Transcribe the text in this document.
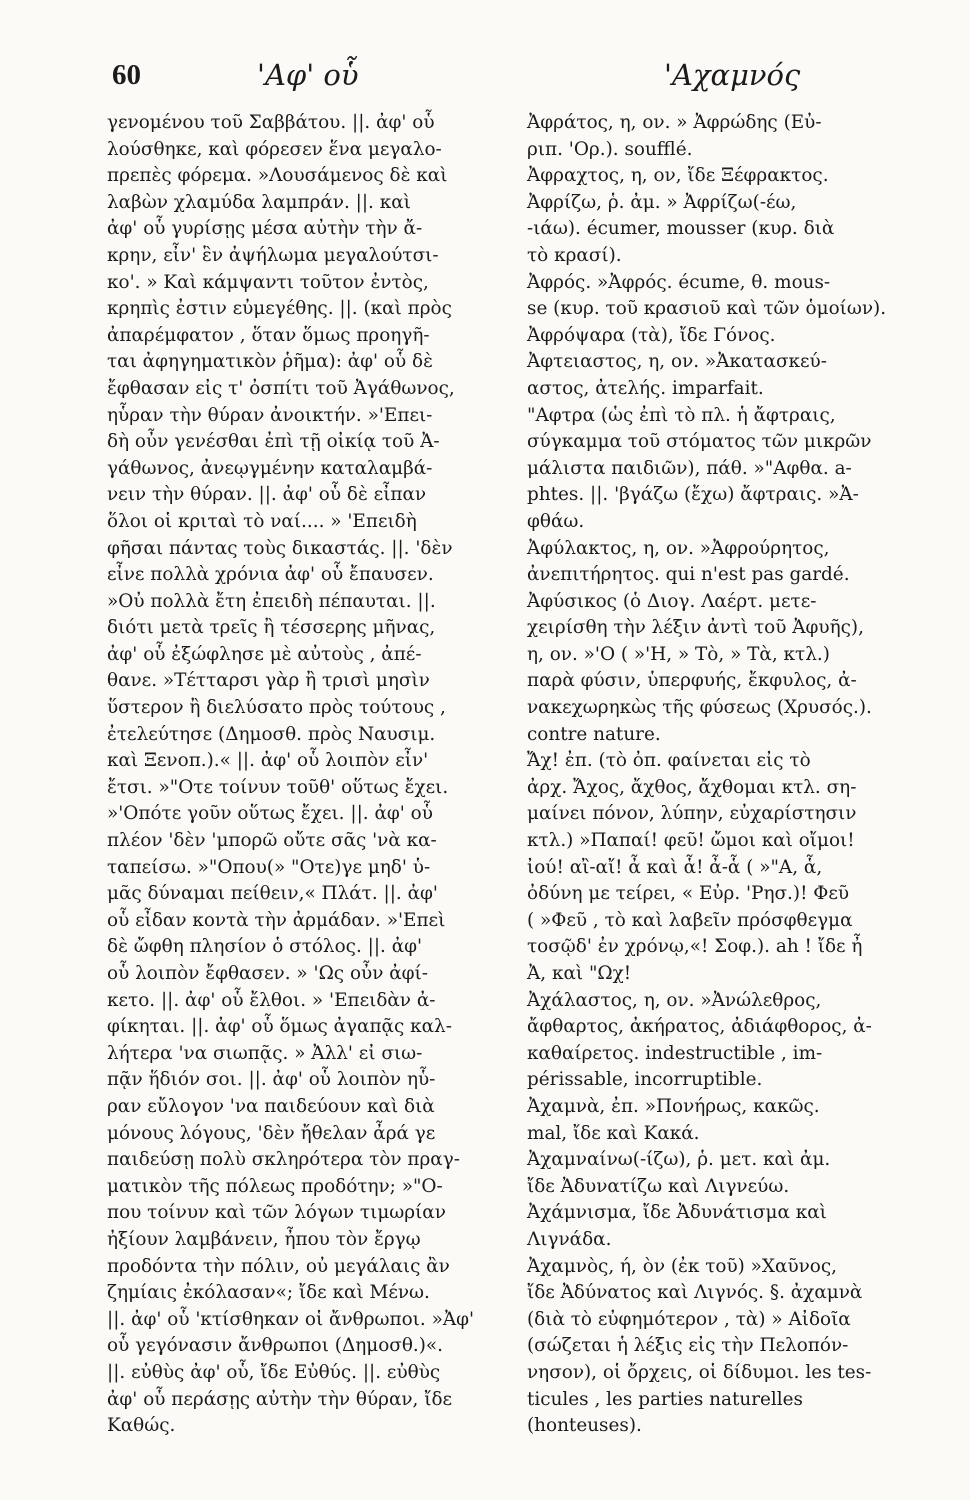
60	'Αφ' οὗ	'Αχαμνός
γενομένου τοῦ Σαββάτου. ||. ἀφ' οὗ
λούσθηκε, καὶ φόρεσεν ἕνα μεγαλο-
πρεπὲς φόρεμα. »Λουσάμενος δὲ καὶ
λαβὼν χλαμύδα λαμπράν. ||. καὶ
ἀφ' οὗ γυρίσῃς μέσα αὐτὴν τὴν ἄ-
κρην, εἶν' ἓν ἀψήλωμα μεγαλούτσι-
κο'. » Καὶ κάμψαντι τοῦτον ἐντὸς,
κρηπὶς ἐστιν εὐμεγέθης. ||. (καὶ πρὸς
ἀπαρέμφατον , ὅταν ὅμως προηγῆ-
ται ἀφηγηματικὸν ῥῆμα): ἀφ' οὗ δὲ
ἔφθασαν εἰς τ' ὀσπίτι τοῦ Ἀγάθωνος,
ηὗραν τὴν θύραν ἀνοικτήν. »'Επει-
δὴ οὖν γενέσθαι ἐπὶ τῇ οἰκίᾳ τοῦ Ἀ-
γάθωνος, ἀνεῳγμένην καταλαμβά-
νειν τὴν θύραν. ||. ἀφ' οὗ δὲ εἶπαν
ὅλοι οἱ κριταὶ τὸ ναί.... » 'Επειδὴ
φῆσαι πάντας τοὺς δικαστάς. ||. 'δὲν
εἶνε πολλὰ χρόνια ἀφ' οὗ ἔπαυσεν.
»Οὐ πολλὰ ἔτη ἐπειδὴ πέπαυται. ||.
διότι μετὰ τρεῖς ἢ τέσσερης μῆνας,
ἀφ' οὗ ἐξώφλησε μὲ αὐτοὺς , ἀπέ-
θανε. »Τέτταρσι γὰρ ἢ τρισὶ μησὶν
ὕστερον ἢ διελύσατο πρὸς τούτους ,
ἐτελεύτησε (Δημοσθ. πρὸς Ναυσιμ.
καὶ Ξενοπ.).« ||. ἀφ' οὗ λοιπὸν εἶν'
ἔτσι. »"Οτε τοίνυν τοῦθ' οὕτως ἔχει.
»'Οπότε γοῦν οὕτως ἔχει. ||. ἀφ' οὗ
πλέον 'δὲν 'μπορῶ οὔτε σᾶς 'νὰ κα-
ταπείσω. »"Οπου(» "Οτε)γε μηδ' ὑ-
μᾶς δύναμαι πείθειν,« Πλάτ. ||. ἀφ'
οὗ εἶδαν κοντὰ τὴν ἀρμάδαν. »'Επεὶ
δὲ ὤφθη πλησίον ὁ στόλος. ||. ἀφ'
οὗ λοιπὸν ἔφθασεν. » 'Ως οὖν ἀφί-
κετο. ||. ἀφ' οὗ ἔλθοι. » 'Επειδὰν ἀ-
φίκηται. ||. ἀφ' οὗ ὅμως ἀγαπᾷς καλ-
λήτερα 'να σιωπᾷς. » Ἀλλ' εἰ σιω-
πᾷν ἥδιόν σοι. ||. ἀφ' οὗ λοιπὸν ηὗ-
ραν εὔλογον 'να παιδεύουν καὶ διὰ
μόνους λόγους, 'δὲν ἤθελαν ἆρά γε
παιδεύσῃ πολὺ σκληρότερα τὸν πραγ-
ματικὸν τῆς πόλεως προδότην; »"Ο-
που τοίνυν καὶ τῶν λόγων τιμωρίαν
ἠξίουν λαμβάνειν, ἦπου τὸν ἔργῳ
προδόντα τὴν πόλιν, οὐ μεγάλαις ἂν
ζημίαις ἐκόλασαν«; ἴδε καὶ Μένω.
||. ἀφ' οὗ 'κτίσθηκαν οἱ ἄνθρωποι. »Ἀφ'
οὗ γεγόνασιν ἄνθρωποι (Δημοσθ.)«.
||. εὐθὺς ἀφ' οὗ, ἴδε Εὐθύς. ||. εὐθὺς
ἀφ' οὗ περάσῃς αὐτὴν τὴν θύραν, ἴδε
Καθώς.
Ἀφράτος, η, ον. » Ἀφρώδης (Εὐ-
ριπ. 'Ορ.). soufflé.
Ἀφραχτος, η, ον, ἴδε Ξέφρακτος.
Ἀφρίζω, ῥ. ἀμ. » Ἀφρίζω(-έω,
-ιάω). écumer, mousser (κυρ. διὰ
τὸ κρασί).
Ἀφρός. »Ἀφρός. écume, θ. mous-
se (κυρ. τοῦ κρασιοῦ καὶ τῶν ὁμοίων).
Ἀφρόψαρα (τὰ), ἴδε Γόνος.
Ἀφτειαστος, η, ον. »Ἀκατασκεύ-
αστος, ἀτελής. imparfait.
"Αφτρα (ὡς ἐπὶ τὸ πλ. ἡ ἄφτραις,
σύγκαμμα τοῦ στόματος τῶν μικρῶν
μάλιστα παιδιῶν), πάθ. »"Αφθα. a-
phtes. ||. 'βγάζω (ἔχω) ἄφτραις. »Ἀ-
φθάω.
Ἀφύλακτος, η, ον. »Ἀφρούρητος,
ἀνεπιτήρητος. qui n'est pas gardé.
Ἀφύσικος (ὁ Διογ. Λαέρτ. μετε-
χειρίσθη τὴν λέξιν ἀντὶ τοῦ Ἀφυῆς),
η, ον. »'Ο ( »'Η, » Τὸ, » Τὰ, κτλ.)
παρὰ φύσιν, ὑπερφυής, ἔκφυλος, ἀ-
νακεχωρηκὼς τῆς φύσεως (Χρυσός.).
contre nature.
Ἄχ! ἐπ. (τὸ ὀπ. φαίνεται εἰς τὸ
ἀρχ. Ἄχος, ἄχθος, ἄχθομαι κτλ. ση-
μαίνει πόνον, λύπην, εὐχαρίστησιν
κτλ.) »Παπαί! φεῦ! ὤμοι καὶ οἴμοι!
ἰού! αἲ-αἴ! ἆ καὶ ἇ! ἆ-ἇ ( »"Α, ἇ,
ὀδύνη με τείρει, « Εὐρ. 'Ρησ.)! Φεῦ
( »Φεῦ , τὸ καὶ λαβεῖν πρόσφθεγμα
τοσῷδ' ἐν χρόνῳ,«! Σοφ.). ah ! ἴδε ἦ
Ἀ, καὶ "Ωχ!
Ἀχάλαστος, η, ον. »Ἀνώλεθρος,
ἄφθαρτος, ἀκήρατος, ἀδιάφθορος, ἀ-
καθαίρετος. indestructible , im-
périssable, incorruptible.
Ἀχαμνὰ, ἐπ. »Πονήρως, κακῶς.
mal, ἴδε καὶ Κακά.
Ἀχαμναίνω(-ίζω), ῥ. μετ. καὶ ἀμ.
ἴδε Ἀδυνατίζω καὶ Λιγνεύω.
Ἀχάμνισμα, ἴδε Ἀδυνάτισμα καὶ
Λιγνάδα.
Ἀχαμνὸς, ή, ὸν (ἐκ τοῦ) »Χαῦνος,
ἴδε Ἀδύνατος καὶ Λιγνός. §. ἀχαμνὰ
(διὰ τὸ εὐφημότερον , τὰ) » Αἰδοῖα
(σώζεται ἡ λέξις εἰς τὴν Πελοπόν-
νησον), οἱ ὄρχεις, οἱ δίδυμοι. les tes-
ticules , les parties naturelles
(honteuses).
